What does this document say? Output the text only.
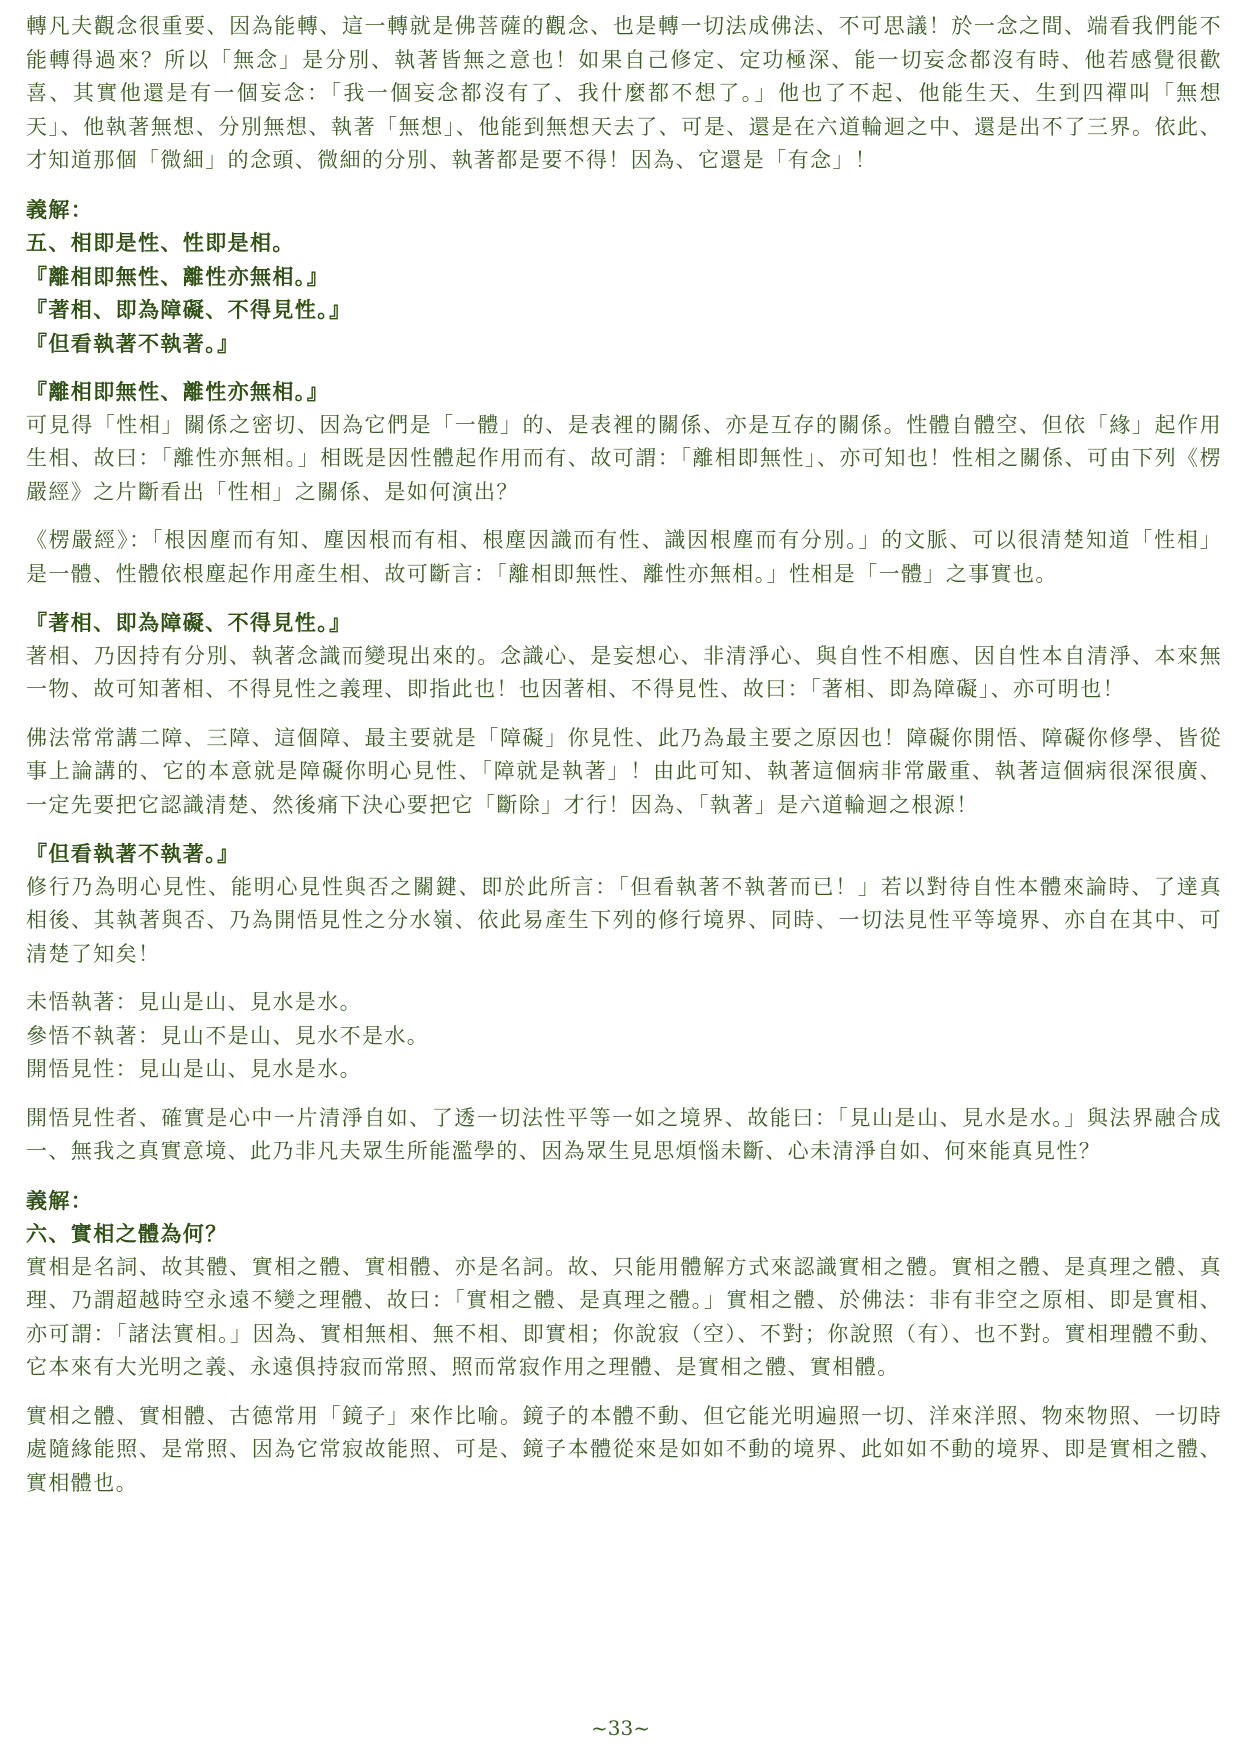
轉凡夫觀念很重要、因為能轉、這一轉就是佛菩薩的觀念、也是轉一切法成佛法、不可思議！於一念之間、端看我們能不能轉得過來？所以「無念」是分別、執著皆無之意也！如果自己修定、定功極深、能一切妄念都沒有時、他若感覺很歡喜、其實他還是有一個妄念：「我一個妄念都沒有了、我什麼都不想了。」他也了不起、他能生天、生到四禪叫「無想天」、他執著無想、分別無想、執著「無想」、他能到無想天去了、可是、還是在六道輪迴之中、還是出不了三界。依此、才知道那個「微細」的念頭、微細的分別、執著都是要不得！因為、它還是「有念」！

義解：

五、相即是性、性即是相。

『離相即無性、離性亦無相。』

『著相、即為障礙、不得見性。』

『但看執著不執著。』

『離相即無性、離性亦無相。』

可見得「性相」關係之密切、因為它們是「一體」的、是表裡的關係、亦是互存的關係。性體自體空、但依「緣」起作用生相、故曰：「離性亦無相。」相既是因性體起作用而有、故可謂：「離相即無性」、亦可知也！性相之關係、可由下列《楞嚴經》之片斷看出「性相」之關係、是如何演出？

《楞嚴經》：「根因塵而有知、塵因根而有相、根塵因識而有性、識因根塵而有分別。」的文脈、可以很清楚知道「性相」是一體、性體依根塵起作用產生相、故可斷言：「離相即無性、離性亦無相。」性相是「一體」之事實也。

『著相、即為障礙、不得見性。』

著相、乃因持有分別、執著念識而變現出來的。念識心、是妄想心、非清淨心、與自性不相應、因自性本自清淨、本來無一物、故可知著相、不得見性之義理、即指此也！也因著相、不得見性、故曰：「著相、即為障礙」、亦可明也！

佛法常常講二障、三障、這個障、最主要就是「障礙」你見性、此乃為最主要之原因也！障礙你開悟、障礙你修學、皆從事上論講的、它的本意就是障礙你明心見性、「障就是執著」！由此可知、執著這個病非常嚴重、執著這個病很深很廣、一定先要把它認識清楚、然後痛下決心要把它「斷除」才行！因為、「執著」是六道輪迴之根源！

『但看執著不執著。』

修行乃為明心見性、能明心見性與否之關鍵、即於此所言：「但看執著不執著而已！」若以對待自性本體來論時、了達真相後、其執著與否、乃為開悟見性之分水嶺、依此易產生下列的修行境界、同時、一切法見性平等境界、亦自在其中、可清楚了知矣！

未悟執著：見山是山、見水是水。

參悟不執著：見山不是山、見水不是水。

開悟見性：見山是山、見水是水。

開悟見性者、確實是心中一片清淨自如、了透一切法性平等一如之境界、故能曰：「見山是山、見水是水。」與法界融合成一、無我之真實意境、此乃非凡夫眾生所能濫學的、因為眾生見思煩惱未斷、心未清淨自如、何來能真見性？

義解：

六、實相之體為何？

實相是名詞、故其體、實相之體、實相體、亦是名詞。故、只能用體解方式來認識實相之體。實相之體、是真理之體、真理、乃謂超越時空永遠不變之理體、故曰：「實相之體、是真理之體。」實相之體、於佛法：非有非空之原相、即是實相、亦可謂：「諸法實相。」因為、實相無相、無不相、即實相；你說寂（空）、不對；你說照（有）、也不對。實相理體不動、它本來有大光明之義、永遠俱持寂而常照、照而常寂作用之理體、是實相之體、實相體。

實相之體、實相體、古德常用「鏡子」來作比喻。鏡子的本體不動、但它能光明遍照一切、洋來洋照、物來物照、一切時處隨緣能照、是常照、因為它常寂故能照、可是、鏡子本體從來是如如不動的境界、此如如不動的境界、即是實相之體、實相體也。

~33~
